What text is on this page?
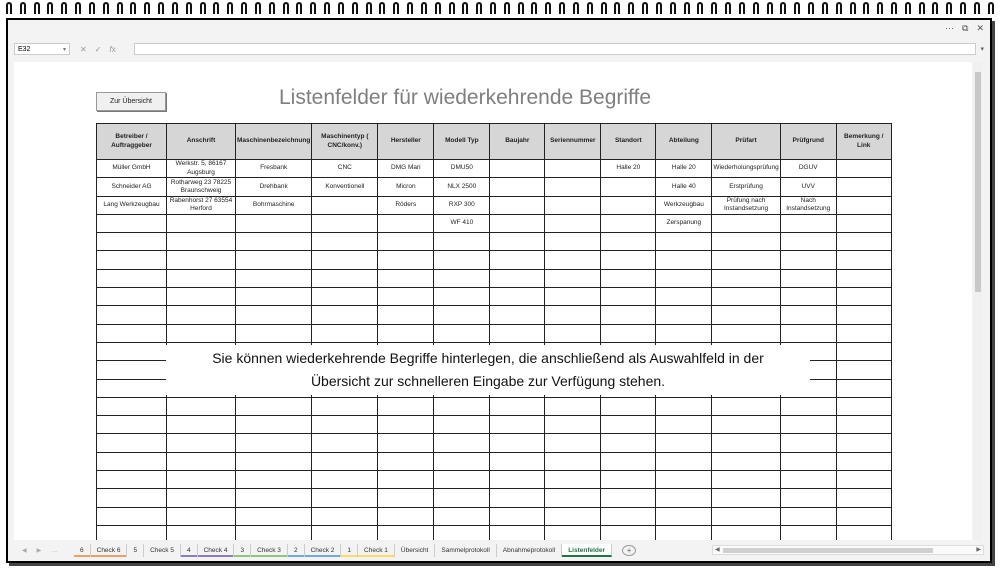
··· ⧉ ✕
E32	▾ ✕ ✓ fx	▾
Zur Übersicht	Listenfelder für wiederkehrende Begriffe
Betreiber / Auftraggeber	Anschrift	Maschinenbezeichnung	Maschinentyp ( CNC/konv.)	Hersteller	Modell Typ	Baujahr	Seriennummer	Standort	Abteilung	Prüfart	Prüfgrund	Bemerkung / Link
Müller GmbH	Werkstr. 5, 86167 Augsburg	Fresbank	CNC	DMG Mari	DMU50			Halle 20	Halle 20	Wiederholungsprüfung	DGUV	
Schneider AG	Rotharweg 23 78225 Braunschweig	Drehbank	Konventionell	Micron	NLX 2500				Halle 40	Erstprüfung	UVV	
Lang Werkzeugbau	Rabenhorst 27 63554 Herford	Bohrmaschine		Röders	RXP 300				Werkzeugbau	Prüfung nach Instandsetzung	Nach Instandsetzung	
					WF 410				Zerspanung			

Sie können wiederkehrende Begriffe hinterlegen, die anschließend als Auswahlfeld in der
Übersicht zur schnelleren Eingabe zur Verfügung stehen.
◀ ▶ …	6	Check 6	5	Check 5	4	Check 4	3	Check 3	2	Check 2	1	Check 1	Übersicht	Sammelprotokoll	Abnahmeprotokoll	Listenfelder	+	◀	▶
